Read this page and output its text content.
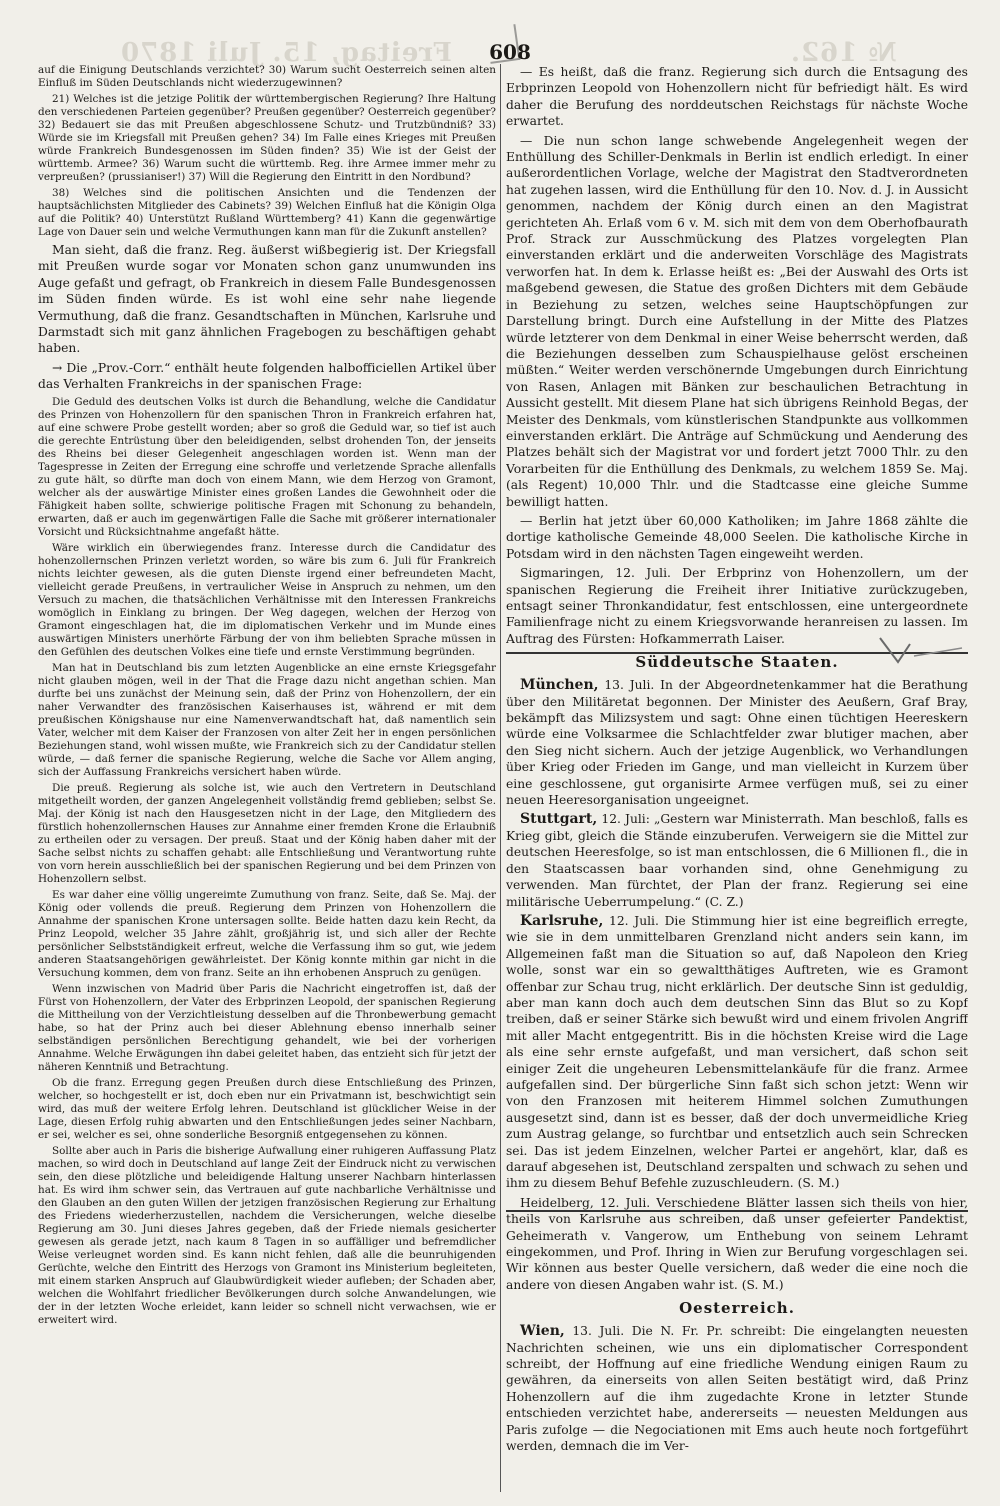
Freitag, 15. Juli 1870	№ 162.
608

auf die Einigung Deutschlands verzichtet? 30) Warum sucht Oesterreich seinen alten Einfluß im Süden Deutschlands nicht wiederzugewinnen?

21) Welches ist die jetzige Politik der württembergischen Regierung? Ihre Haltung den verschiedenen Parteien gegenüber? Preußen gegenüber? Oesterreich gegenüber? 32) Bedauert sie das mit Preußen abgeschlossene Schutz- und Trutzbündniß? 33) Würde sie im Kriegsfall mit Preußen gehen? 34) Im Falle eines Krieges mit Preußen würde Frankreich Bundesgenossen im Süden finden? 35) Wie ist der Geist der württemb. Armee? 36) Warum sucht die württemb. Reg. ihre Armee immer mehr zu verpreußen? (prussianiser!) 37) Will die Regierung den Eintritt in den Nordbund?

38) Welches sind die politischen Ansichten und die Tendenzen der hauptsächlichsten Mitglieder des Cabinets? 39) Welchen Einfluß hat die Königin Olga auf die Politik? 40) Unterstützt Rußland Württemberg? 41) Kann die gegenwärtige Lage von Dauer sein und welche Vermuthungen kann man für die Zukunft anstellen?

Man sieht, daß die franz. Reg. äußerst wißbegierig ist. Der Kriegsfall mit Preußen wurde sogar vor Monaten schon ganz unumwunden ins Auge gefaßt und gefragt, ob Frankreich in diesem Falle Bundesgenossen im Süden finden würde. Es ist wohl eine sehr nahe liegende Vermuthung, daß die franz. Gesandtschaften in München, Karlsruhe und Darmstadt sich mit ganz ähnlichen Fragebogen zu beschäftigen gehabt haben.

→ Die „Prov.-Corr.“ enthält heute folgenden halbofficiellen Artikel über das Verhalten Frankreichs in der spanischen Frage:

Die Geduld des deutschen Volks ist durch die Behandlung, welche die Candidatur des Prinzen von Hohenzollern für den spanischen Thron in Frankreich erfahren hat, auf eine schwere Probe gestellt worden; aber so groß die Geduld war, so tief ist auch die gerechte Entrüstung über den beleidigenden, selbst drohenden Ton, der jenseits des Rheins bei dieser Gelegenheit angeschlagen worden ist. Wenn man der Tagespresse in Zeiten der Erregung eine schroffe und verletzende Sprache allenfalls zu gute hält, so dürfte man doch von einem Mann, wie dem Herzog von Gramont, welcher als der auswärtige Minister eines großen Landes die Gewohnheit oder die Fähigkeit haben sollte, schwierige politische Fragen mit Schonung zu behandeln, erwarten, daß er auch im gegenwärtigen Falle die Sache mit größerer internationaler Vorsicht und Rücksichtnahme angefaßt hätte.

Wäre wirklich ein überwiegendes franz. Interesse durch die Candidatur des hohenzollernschen Prinzen verletzt worden, so wäre bis zum 6. Juli für Frankreich nichts leichter gewesen, als die guten Dienste irgend einer befreundeten Macht, vielleicht gerade Preußens, in vertraulicher Weise in Anspruch zu nehmen, um den Versuch zu machen, die thatsächlichen Verhältnisse mit den Interessen Frankreichs womöglich in Einklang zu bringen. Der Weg dagegen, welchen der Herzog von Gramont eingeschlagen hat, die im diplomatischen Verkehr und im Munde eines auswärtigen Ministers unerhörte Färbung der von ihm beliebten Sprache müssen in den Gefühlen des deutschen Volkes eine tiefe und ernste Verstimmung begründen.

Man hat in Deutschland bis zum letzten Augenblicke an eine ernste Kriegsgefahr nicht glauben mögen, weil in der That die Frage dazu nicht angethan schien. Man durfte bei uns zunächst der Meinung sein, daß der Prinz von Hohenzollern, der ein naher Verwandter des französischen Kaiserhauses ist, während er mit dem preußischen Königshause nur eine Namenverwandtschaft hat, daß namentlich sein Vater, welcher mit dem Kaiser der Franzosen von alter Zeit her in engen persönlichen Beziehungen stand, wohl wissen mußte, wie Frankreich sich zu der Candidatur stellen würde, — daß ferner die spanische Regierung, welche die Sache vor Allem anging, sich der Auffassung Frankreichs versichert haben würde.

Die preuß. Regierung als solche ist, wie auch den Vertretern in Deutschland mitgetheilt worden, der ganzen Angelegenheit vollständig fremd geblieben; selbst Se. Maj. der König ist nach den Hausgesetzen nicht in der Lage, den Mitgliedern des fürstlich hohenzollernschen Hauses zur Annahme einer fremden Krone die Erlaubniß zu ertheilen oder zu versagen. Der preuß. Staat und der König haben daher mit der Sache selbst nichts zu schaffen gehabt: alle Entschließung und Verantwortung ruhte von vorn herein ausschließlich bei der spanischen Regierung und bei dem Prinzen von Hohenzollern selbst.

Es war daher eine völlig ungereimte Zumuthung von franz. Seite, daß Se. Maj. der König oder vollends die preuß. Regierung dem Prinzen von Hohenzollern die Annahme der spanischen Krone untersagen sollte. Beide hatten dazu kein Recht, da Prinz Leopold, welcher 35 Jahre zählt, großjährig ist, und sich aller der Rechte persönlicher Selbstständigkeit erfreut, welche die Verfassung ihm so gut, wie jedem anderen Staatsangehörigen gewährleistet. Der König konnte mithin gar nicht in die Versuchung kommen, dem von franz. Seite an ihn erhobenen Anspruch zu genügen.

Wenn inzwischen von Madrid über Paris die Nachricht eingetroffen ist, daß der Fürst von Hohenzollern, der Vater des Erbprinzen Leopold, der spanischen Regierung die Mittheilung von der Verzichtleistung desselben auf die Thronbewerbung gemacht habe, so hat der Prinz auch bei dieser Ablehnung ebenso innerhalb seiner selbständigen persönlichen Berechtigung gehandelt, wie bei der vorherigen Annahme. Welche Erwägungen ihn dabei geleitet haben, das entzieht sich für jetzt der näheren Kenntniß und Betrachtung.

Ob die franz. Erregung gegen Preußen durch diese Entschließung des Prinzen, welcher, so hochgestellt er ist, doch eben nur ein Privatmann ist, beschwichtigt sein wird, das muß der weitere Erfolg lehren. Deutschland ist glücklicher Weise in der Lage, diesen Erfolg ruhig abwarten und den Entschließungen jedes seiner Nachbarn, er sei, welcher es sei, ohne sonderliche Besorgniß entgegensehen zu können.

Sollte aber auch in Paris die bisherige Aufwallung einer ruhigeren Auffassung Platz machen, so wird doch in Deutschland auf lange Zeit der Eindruck nicht zu verwischen sein, den diese plötzliche und beleidigende Haltung unserer Nachbarn hinterlassen hat. Es wird ihm schwer sein, das Vertrauen auf gute nachbarliche Verhältnisse und den Glauben an den guten Willen der jetzigen französischen Regierung zur Erhaltung des Friedens wiederherzustellen, nachdem die Versicherungen, welche dieselbe Regierung am 30. Juni dieses Jahres gegeben, daß der Friede niemals gesicherter gewesen als gerade jetzt, nach kaum 8 Tagen in so auffälliger und befremdlicher Weise verleugnet worden sind. Es kann nicht fehlen, daß alle die beunruhigenden Gerüchte, welche den Eintritt des Herzogs von Gramont ins Ministerium begleiteten, mit einem starken Anspruch auf Glaubwürdigkeit wieder aufleben; der Schaden aber, welchen die Wohlfahrt friedlicher Bevölkerungen durch solche Anwandelungen, wie der in der letzten Woche erleidet, kann leider so schnell nicht verwachsen, wie er erweitert wird.

— Es heißt, daß die franz. Regierung sich durch die Entsagung des Erbprinzen Leopold von Hohenzollern nicht für befriedigt hält. Es wird daher die Berufung des norddeutschen Reichstags für nächste Woche erwartet.

— Die nun schon lange schwebende Angelegenheit wegen der Enthüllung des Schiller-Denkmals in Berlin ist endlich erledigt. In einer außerordentlichen Vorlage, welche der Magistrat den Stadtverordneten hat zugehen lassen, wird die Enthüllung für den 10. Nov. d. J. in Aussicht genommen, nachdem der König durch einen an den Magistrat gerichteten Ah. Erlaß vom 6 v. M. sich mit dem von dem Oberhofbaurath Prof. Strack zur Ausschmückung des Platzes vorgelegten Plan einverstanden erklärt und die anderweiten Vorschläge des Magistrats verworfen hat. In dem k. Erlasse heißt es: „Bei der Auswahl des Orts ist maßgebend gewesen, die Statue des großen Dichters mit dem Gebäude in Beziehung zu setzen, welches seine Hauptschöpfungen zur Darstellung bringt. Durch eine Aufstellung in der Mitte des Platzes würde letzterer von dem Denkmal in einer Weise beherrscht werden, daß die Beziehungen desselben zum Schauspielhause gelöst erscheinen müßten.“ Weiter werden verschönernde Umgebungen durch Einrichtung von Rasen, Anlagen mit Bänken zur beschaulichen Betrachtung in Aussicht gestellt. Mit diesem Plane hat sich übrigens Reinhold Begas, der Meister des Denkmals, vom künstlerischen Standpunkte aus vollkommen einverstanden erklärt. Die Anträge auf Schmückung und Aenderung des Platzes behält sich der Magistrat vor und fordert jetzt 7000 Thlr. zu den Vorarbeiten für die Enthüllung des Denkmals, zu welchem 1859 Se. Maj. (als Regent) 10,000 Thlr. und die Stadtcasse eine gleiche Summe bewilligt hatten.

— Berlin hat jetzt über 60,000 Katholiken; im Jahre 1868 zählte die dortige katholische Gemeinde 48,000 Seelen. Die katholische Kirche in Potsdam wird in den nächsten Tagen eingeweiht werden.

Sigmaringen, 12. Juli. Der Erbprinz von Hohenzollern, um der spanischen Regierung die Freiheit ihrer Initiative zurückzugeben, entsagt seiner Thronkandidatur, fest entschlossen, eine untergeordnete Familienfrage nicht zu einem Kriegsvorwande heranreisen zu lassen. Im Auftrag des Fürsten: Hofkammerrath Laiser.

Süddeutsche Staaten.

München, 13. Juli. In der Abgeordnetenkammer hat die Berathung über den Militäretat begonnen. Der Minister des Aeußern, Graf Bray, bekämpft das Milizsystem und sagt: Ohne einen tüchtigen Heereskern würde eine Volksarmee die Schlachtfelder zwar blutiger machen, aber den Sieg nicht sichern. Auch der jetzige Augenblick, wo Verhandlungen über Krieg oder Frieden im Gange, und man vielleicht in Kurzem über eine geschlossene, gut organisirte Armee verfügen muß, sei zu einer neuen Heeresorganisation ungeeignet.

Stuttgart, 12. Juli: „Gestern war Ministerrath. Man beschloß, falls es Krieg gibt, gleich die Stände einzuberufen. Verweigern sie die Mittel zur deutschen Heeresfolge, so ist man entschlossen, die 6 Millionen fl., die in den Staatscassen baar vorhanden sind, ohne Genehmigung zu verwenden. Man fürchtet, der Plan der franz. Regierung sei eine militärische Ueberrumpelung.“ (C. Z.)

Karlsruhe, 12. Juli. Die Stimmung hier ist eine begreiflich erregte, wie sie in dem unmittelbaren Grenzland nicht anders sein kann, im Allgemeinen faßt man die Situation so auf, daß Napoleon den Krieg wolle, sonst war ein so gewaltthätiges Auftreten, wie es Gramont offenbar zur Schau trug, nicht erklärlich. Der deutsche Sinn ist geduldig, aber man kann doch auch dem deutschen Sinn das Blut so zu Kopf treiben, daß er seiner Stärke sich bewußt wird und einem frivolen Angriff mit aller Macht entgegentritt. Bis in die höchsten Kreise wird die Lage als eine sehr ernste aufgefaßt, und man versichert, daß schon seit einiger Zeit die ungeheuren Lebensmittelankäufe für die franz. Armee aufgefallen sind. Der bürgerliche Sinn faßt sich schon jetzt: Wenn wir von den Franzosen mit heiterem Himmel solchen Zumuthungen ausgesetzt sind, dann ist es besser, daß der doch unvermeidliche Krieg zum Austrag gelange, so furchtbar und entsetzlich auch sein Schrecken sei. Das ist jedem Einzelnen, welcher Partei er angehört, klar, daß es darauf abgesehen ist, Deutschland zerspalten und schwach zu sehen und ihm zu diesem Behuf Befehle zuzuschleudern. (S. M.)

Heidelberg, 12. Juli. Verschiedene Blätter lassen sich theils von hier, theils von Karlsruhe aus schreiben, daß unser gefeierter Pandektist, Geheimerath v. Vangerow, um Enthebung von seinem Lehramt eingekommen, und Prof. Ihring in Wien zur Berufung vorgeschlagen sei. Wir können aus bester Quelle versichern, daß weder die eine noch die andere von diesen Angaben wahr ist. (S. M.)

Oesterreich.

Wien, 13. Juli. Die N. Fr. Pr. schreibt: Die eingelangten neuesten Nachrichten scheinen, wie uns ein diplomatischer Correspondent schreibt, der Hoffnung auf eine friedliche Wendung einigen Raum zu gewähren, da einerseits von allen Seiten bestätigt wird, daß Prinz Hohenzollern auf die ihm zugedachte Krone in letzter Stunde entschieden verzichtet habe, andererseits — neuesten Meldungen aus Paris zufolge — die Negociationen mit Ems auch heute noch fortgeführt werden, demnach die im Ver-
